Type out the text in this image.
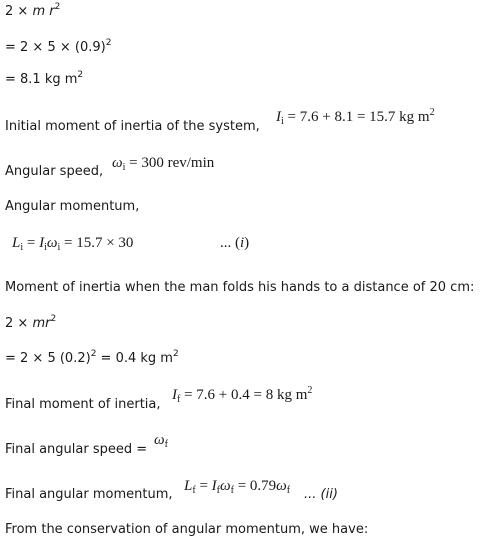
2 × m $r^2$
= $2 \times 5 \times (0.9)^2$
= 8.1 kg $m^2$
Initial moment of inertia of the system,
$I_i = 7.6 + 8.1 = 15.7$ kg $m^2$
Angular speed,
$\omega_i = 300$ rev/min
Angular momentum,
$L_i = I_i\omega_i = 15.7 \times 30$	... (i)
Moment of inertia when the man folds his hands to a distance of 20 cm:
$2 \times mr^2$
= 2 × 5 $(0.2)^2 = 0.4$ kg $m^2$
Final moment of inertia,
$I_f = 7.6 + 0.4 = 8$ kg $m^2$
Final angular speed =
$\omega_f$
Final angular momentum,
$L_f = I_f\omega_f = 0.79\omega_f$ ... (ii)
From the conservation of angular momentum, we have:
